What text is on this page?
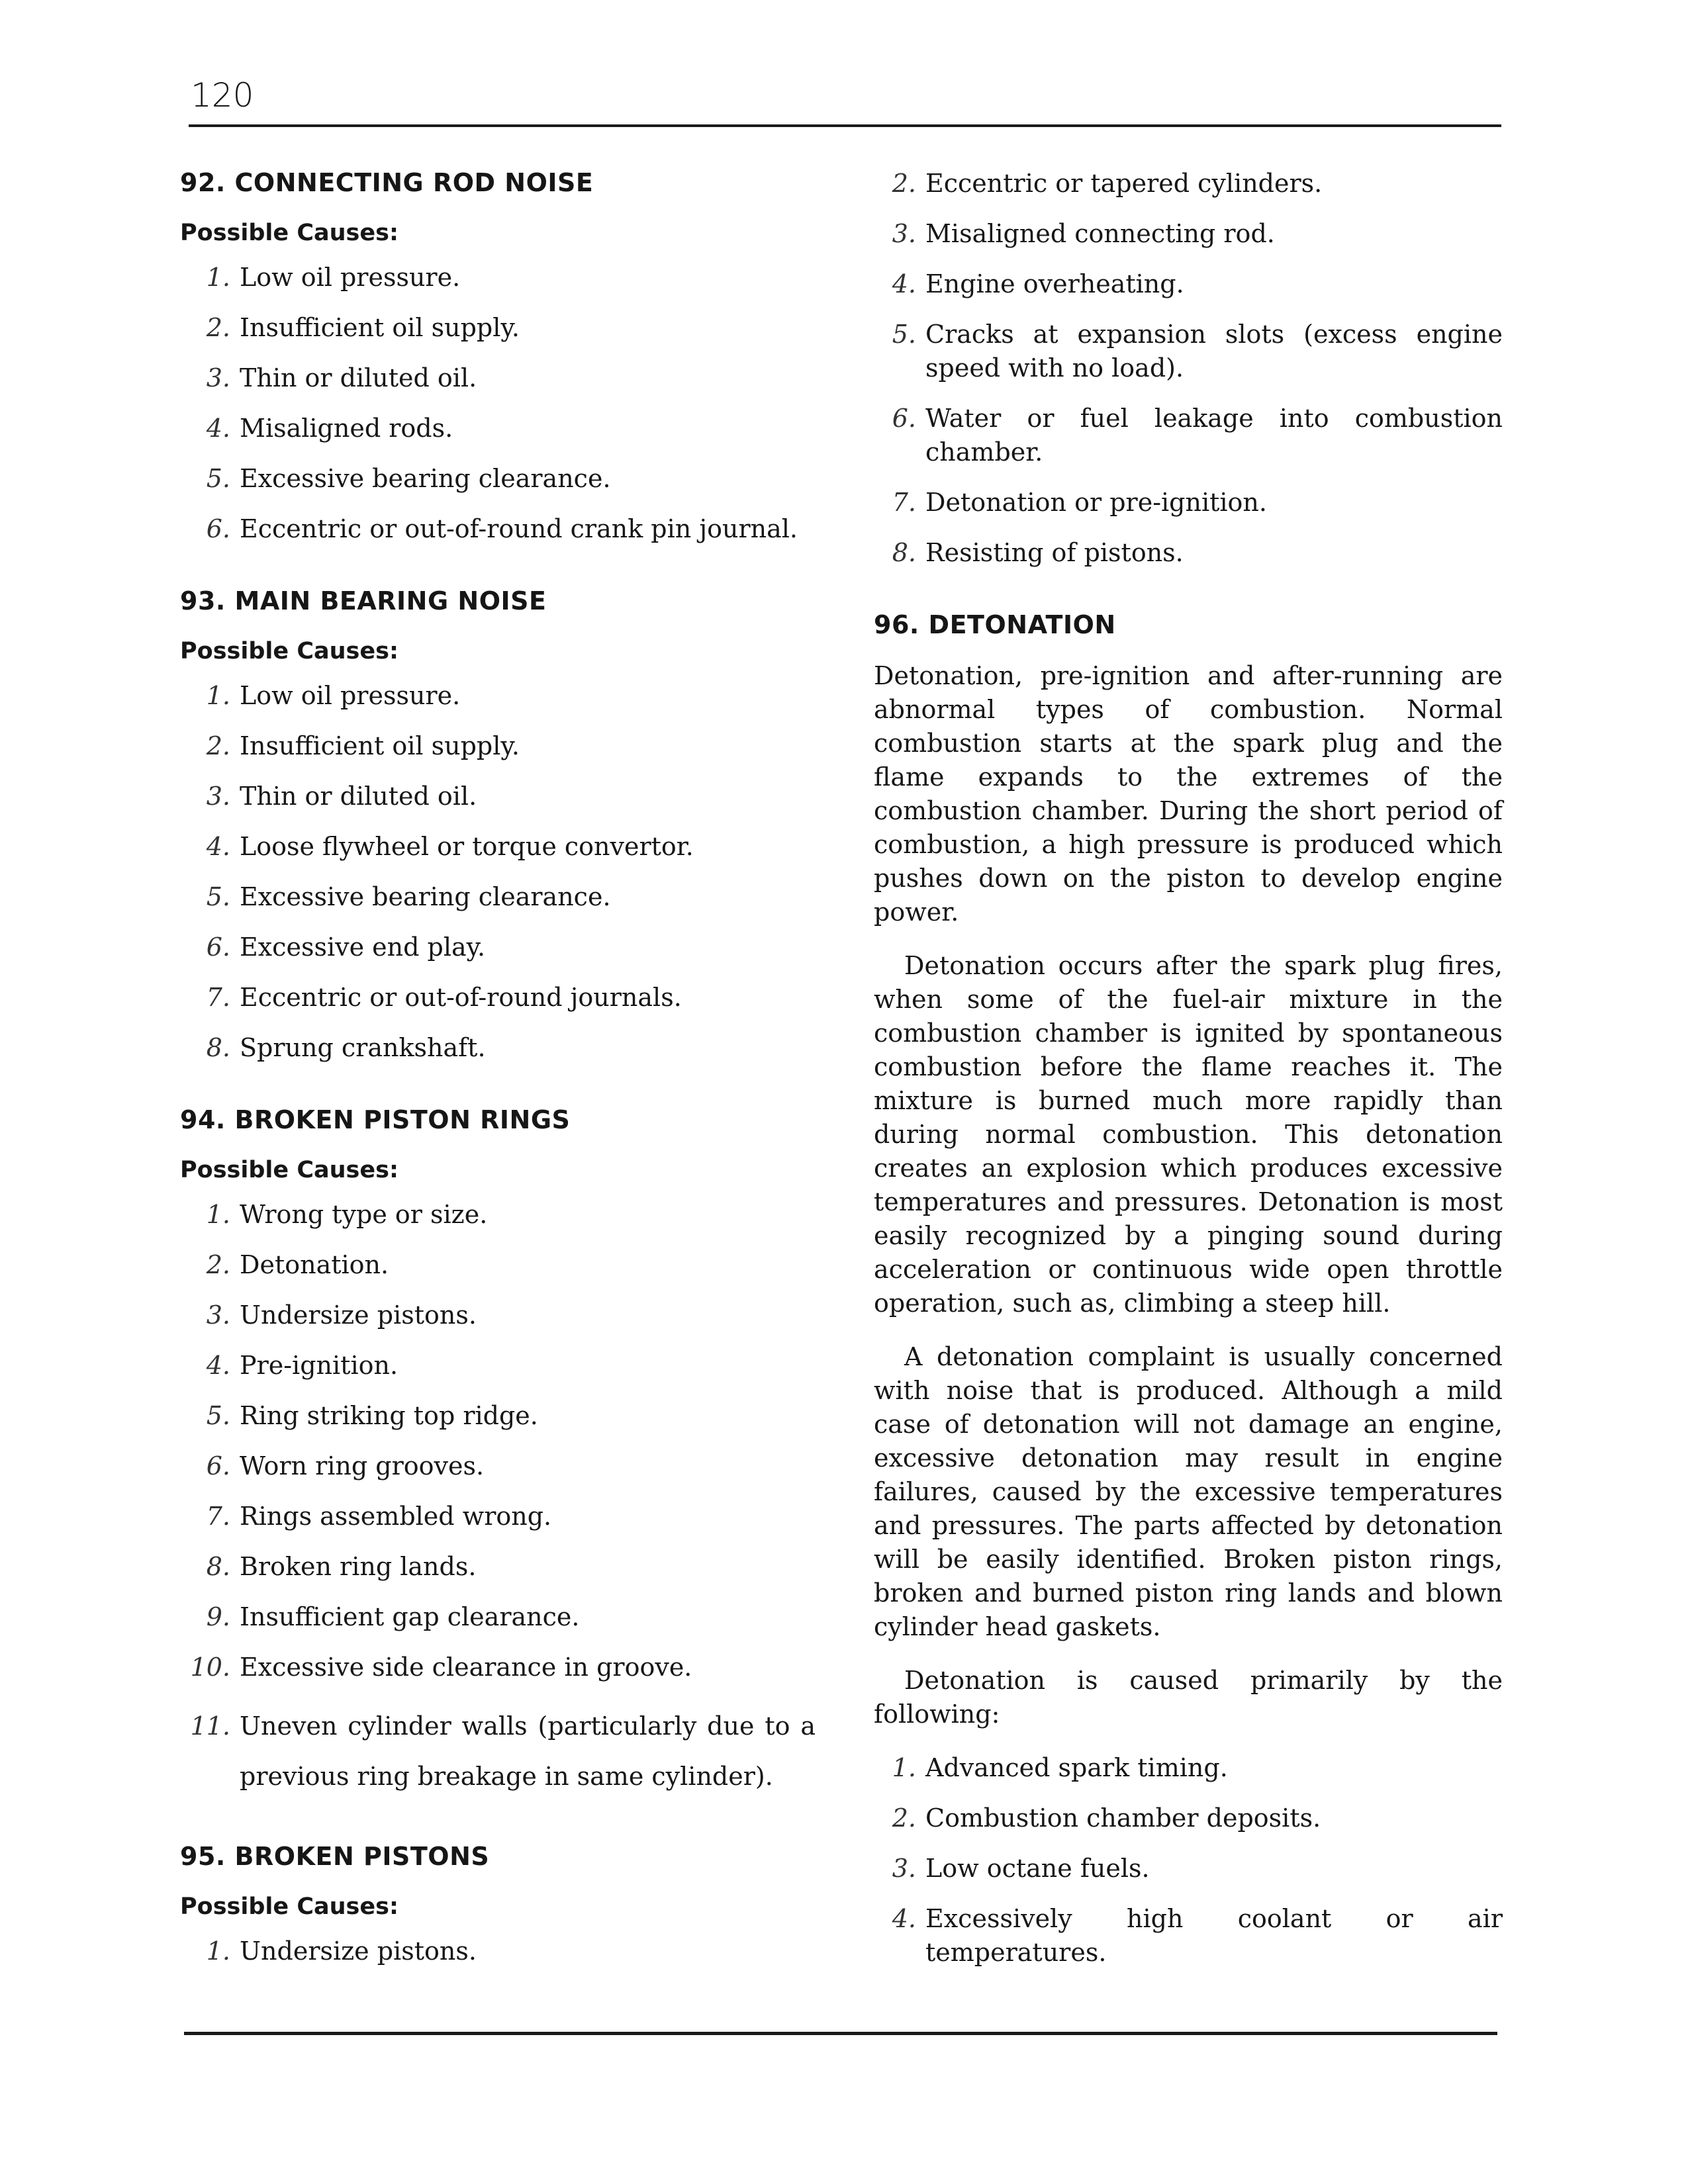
120
92. CONNECTING ROD NOISE
Possible Causes:
1. Low oil pressure.
2. Insufficient oil supply.
3. Thin or diluted oil.
4. Misaligned rods.
5. Excessive bearing clearance.
6. Eccentric or out-of-round crank pin journal.
93. MAIN BEARING NOISE
Possible Causes:
1. Low oil pressure.
2. Insufficient oil supply.
3. Thin or diluted oil.
4. Loose flywheel or torque convertor.
5. Excessive bearing clearance.
6. Excessive end play.
7. Eccentric or out-of-round journals.
8. Sprung crankshaft.
94. BROKEN PISTON RINGS
Possible Causes:
1. Wrong type or size.
2. Detonation.
3. Undersize pistons.
4. Pre-ignition.
5. Ring striking top ridge.
6. Worn ring grooves.
7. Rings assembled wrong.
8. Broken ring lands.
9. Insufficient gap clearance.
10. Excessive side clearance in groove.
11. Uneven cylinder walls (particularly due to a previous ring breakage in same cylinder).
95. BROKEN PISTONS
Possible Causes:
1. Undersize pistons.
2. Eccentric or tapered cylinders.
3. Misaligned connecting rod.
4. Engine overheating.
5. Cracks at expansion slots (excess engine speed with no load).
6. Water or fuel leakage into combustion chamber.
7. Detonation or pre-ignition.
8. Resisting of pistons.
96. DETONATION

Detonation, pre-ignition and after-running are abnormal types of combustion. Normal combustion starts at the spark plug and the flame expands to the extremes of the combustion chamber. During the short period of combustion, a high pressure is produced which pushes down on the piston to develop engine power.

Detonation occurs after the spark plug fires, when some of the fuel-air mixture in the combustion chamber is ignited by spontaneous combustion before the flame reaches it. The mixture is burned much more rapidly than during normal combustion. This detonation creates an explosion which produces excessive temperatures and pressures. Detonation is most easily recognized by a pinging sound during acceleration or continuous wide open throttle operation, such as, climbing a steep hill.

A detonation complaint is usually concerned with noise that is produced. Although a mild case of detonation will not damage an engine, excessive detonation may result in engine failures, caused by the excessive temperatures and pressures. The parts affected by detonation will be easily identified. Broken piston rings, broken and burned piston ring lands and blown cylinder head gaskets.

Detonation is caused primarily by the following:

1. Advanced spark timing.
2. Combustion chamber deposits.
3. Low octane fuels.
4. Excessively high coolant or air temperatures.
